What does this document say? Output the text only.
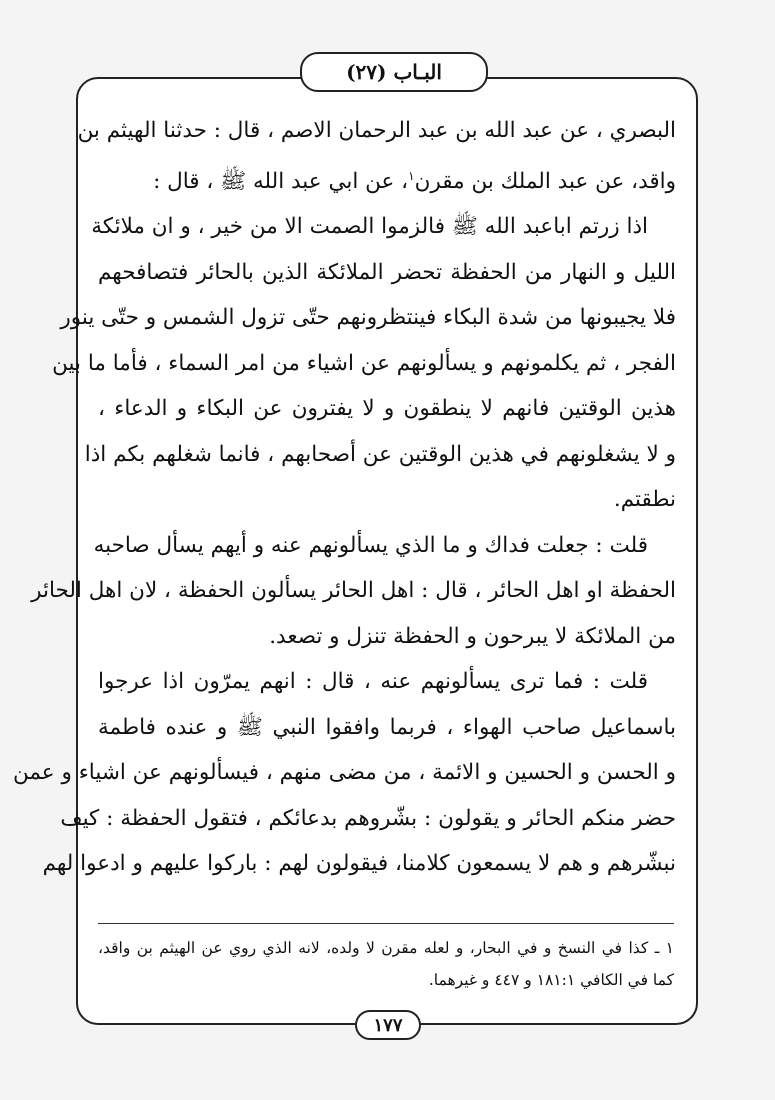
البـاب (٢٧)
البصري ، عن عبد الله بن عبد الرحمان الاصم ، قال : حدثنا الهيثم بن
واقد، عن عبد الملك بن مقرن$^١$، عن ابي عبد الله ﷺ ، قال :
اذا زرتم اباعبد الله ﷺ فالزموا الصمت الا من خير ، و ان ملائكة
الليل و النهار من الحفظة تحضر الملائكة الذين بالحائر فتصافحهم
فلا يجيبونها من شدة البكاء فينتظرونهم حتّى تزول الشمس و حتّى ينور
الفجر ، ثم يكلمونهم و يسألونهم عن اشياء من امر السماء ، فأما ما بين
هذين الوقتين فانهم لا ينطقون و لا يفترون عن البكاء و الدعاء ،
و لا يشغلونهم في هذين الوقتين عن أصحابهم ، فانما شغلهم بكم اذا
نطقتم.
قلت : جعلت فداك و ما الذي يسألونهم عنه و أيهم يسأل صاحبه
الحفظة او اهل الحائر ، قال : اهل الحائر يسألون الحفظة ، لان اهل الحائر
من الملائكة لا يبرحون و الحفظة تنزل و تصعد.
قلت : فما ترى يسألونهم عنه ، قال : انهم يمرّون اذا عرجوا
باسماعيل صاحب الهواء ، فربما وافقوا النبي ﷺ و عنده فاطمة
و الحسن و الحسين و الائمة ، من مضى منهم ، فيسألونهم عن اشياء و عمن
حضر منكم الحائر و يقولون : بشّروهم بدعائكم ، فتقول الحفظة : كيف
نبشّرهم و هم لا يسمعون كلامنا، فيقولون لهم : باركوا عليهم و ادعوا لهم
١ ـ كذا في النسخ و في البحار، و لعله مقرن لا ولده، لانه الذي روي عن الهيثم بن واقد،
كما في الكافي ١٨١:١ و ٤٤٧ و غيرهما.
١٧٧
